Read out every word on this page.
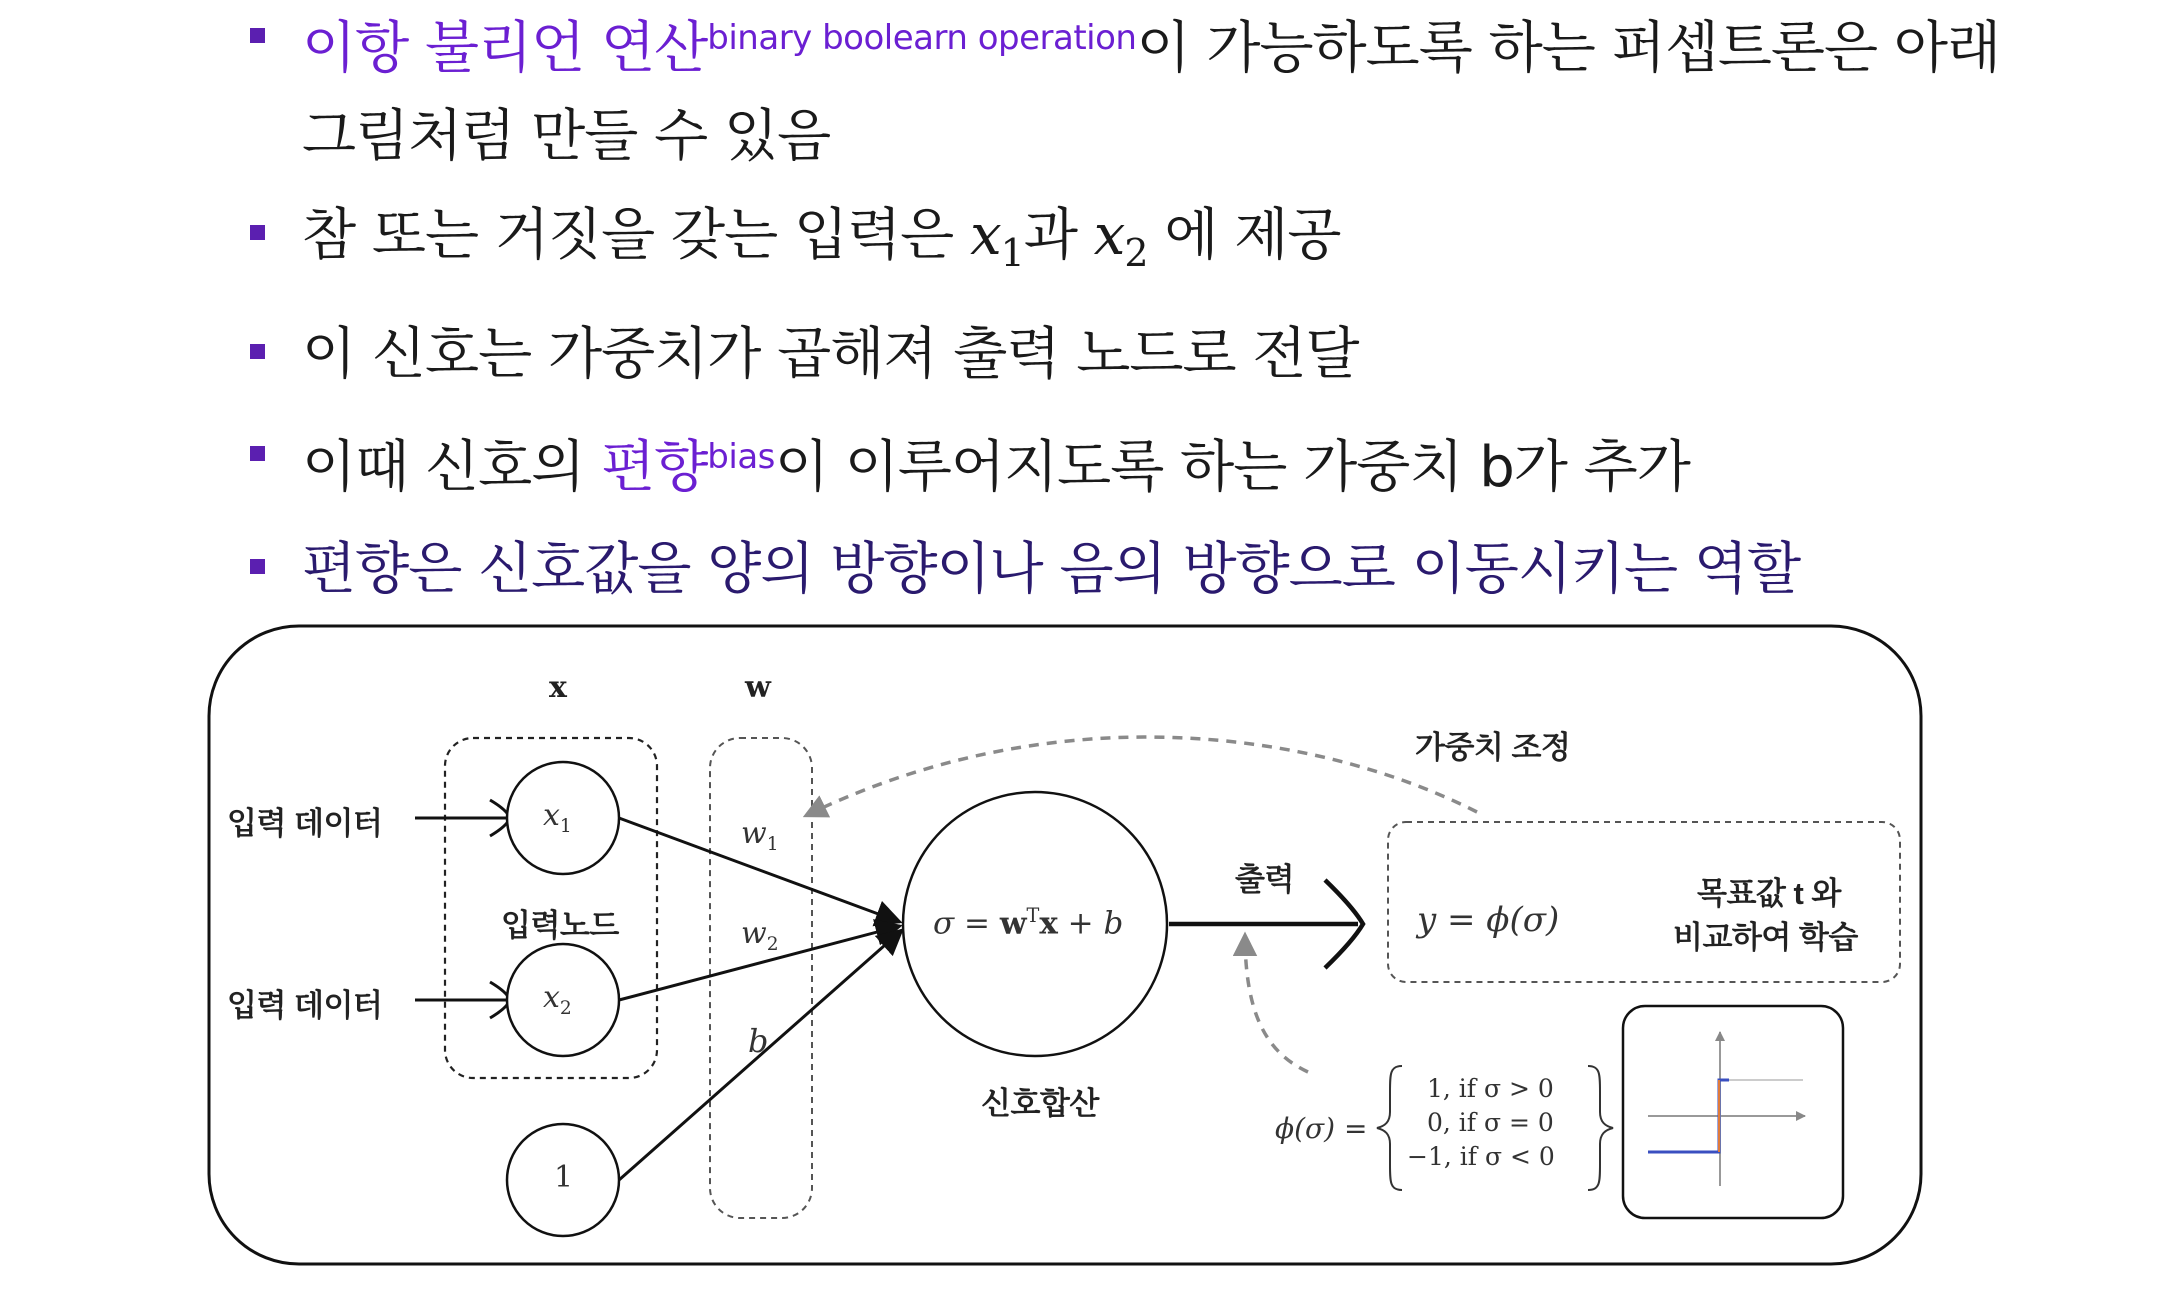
이항 불리언 연산$^{binary boolearn operation}$이 가능하도록 하는 퍼셉트론은 아래
그림처럼 만들 수 있음
참 또는 거짓을 갖는 입력은 $x_1$과 $x_2$ 에 제공
이 신호는 가중치가 곱해져 출력 노드로 전달
이때 신호의 편향$^{bias}$이 이루어지도록 하는 가중치 b가 추가
편향은 신호값을 양의 방향이나 음의 방향으로 이동시키는 역할
x	w
입력 데이터
입력 데이터
$x_1$
$x_2$
1
입력노드
$w_1$
$w_2$
b
$\sigma = w^Tx + b$
신호합산
출력
가중치 조정
y = ϕ(σ)
목표값 t 와
비교하여 학습
ϕ(σ) =
1, if σ > 0
0, if σ = 0
−1, if σ < 0
